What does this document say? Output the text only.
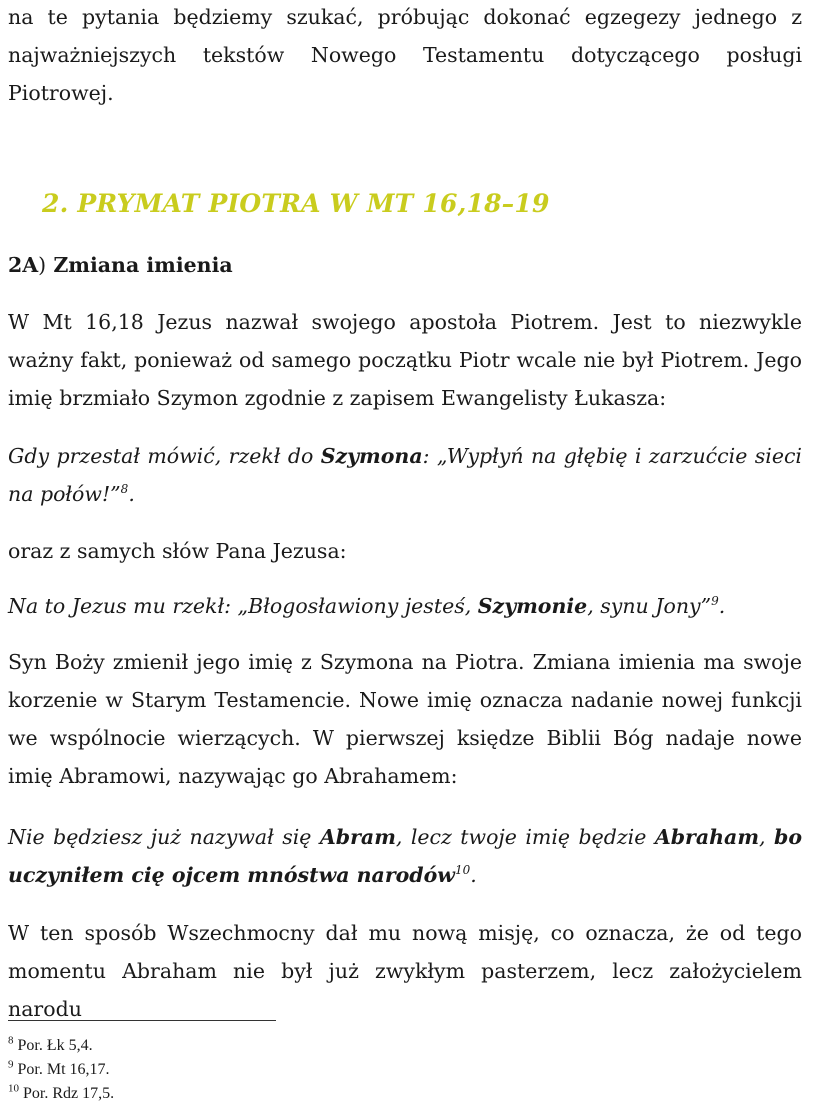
na te pytania będziemy szukać, próbując dokonać egzegezy jednego z najważniejszych tekstów Nowego Testamentu dotyczącego posługi Piotrowej.

2. PRYMAT PIOTRA W MT 16,18–19
2A) Zmiana imienia

W Mt 16,18 Jezus nazwał swojego apostoła Piotrem. Jest to niezwykle ważny fakt, ponieważ od samego początku Piotr wcale nie był Piotrem. Jego imię brzmiało Szymon zgodnie z zapisem Ewangelisty Łukasza:

Gdy przestał mówić, rzekł do Szymona: „Wypłyń na głębię i zarzućcie sieci na połów!”$^8$.

oraz z samych słów Pana Jezusa:

Na to Jezus mu rzekł: „Błogosławiony jesteś, Szymonie, synu Jony”$^9$.

Syn Boży zmienił jego imię z Szymona na Piotra. Zmiana imienia ma swoje korzenie w Starym Testamencie. Nowe imię oznacza nadanie nowej funkcji we wspólnocie wierzących. W pierwszej księdze Biblii Bóg nadaje nowe imię Abramowi, nazywając go Abrahamem:

Nie będziesz już nazywał się Abram, lecz twoje imię będzie Abraham, bo uczyniłem cię ojcem mnóstwa narodów$^{10}$.

W ten sposób Wszechmocny dał mu nową misję, co oznacza, że od tego momentu Abraham nie był już zwykłym pasterzem, lecz założycielem narodu

$^8$ Por. Łk 5,4.

$^9$ Por. Mt 16,17.

$^{10}$ Por. Rdz 17,5.
